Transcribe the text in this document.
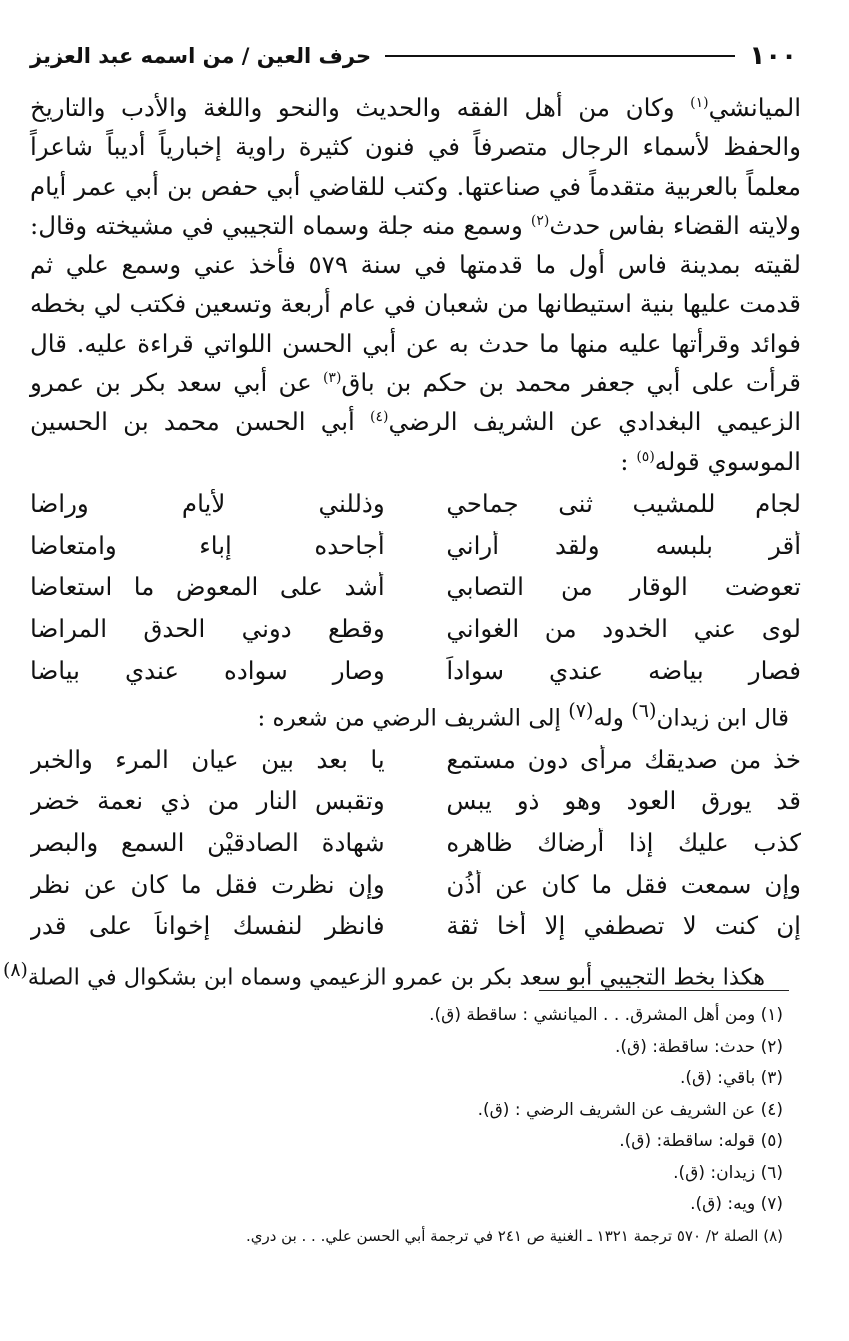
١٠٠
حرف العين / من اسمه عبد العزيز

الميانشي$^{(١)}$ وكان من أهل الفقه والحديث والنحو واللغة والأدب والتاريخ والحفظ لأسماء الرجال متصرفاً في فنون كثيرة راوية إخبارياً أديباً شاعراً معلماً بالعربية متقدماً في صناعتها. وكتب للقاضي أبي حفص بن أبي عمر أيام ولايته القضاء بفاس حدث$^{(٢)}$ وسمع منه جلة وسماه التجيبي في مشيخته وقال: لقيته بمدينة فاس أول ما قدمتها في سنة ٥٧٩ فأخذ عني وسمع علي ثم قدمت عليها بنية استيطانها من شعبان في عام أربعة وتسعين فكتب لي بخطه فوائد وقرأتها عليه منها ما حدث به عن أبي الحسن اللواتي قراءة عليه. قال قرأت على أبي جعفر محمد بن حكم بن باق$^{(٣)}$ عن أبي سعد بكر بن عمرو الزعيمي البغدادي عن الشريف الرضي$^{(٤)}$ أبي الحسن محمد بن الحسين الموسوي قوله$^{(٥)}$ :

لجام للمشيب ثنى جماحي
وذللني لأيام وراضا
أقر بلبسه ولقد أراني
أجاحده إباء وامتعاضا
تعوضت الوقار من التصابي
أشد على المعوض ما استعاضا
لوى عني الخدود من الغواني
وقطع دوني الحدق المراضا
فصار بياضه عندي سواداً
وصار سواده عندي بياضا
قال ابن زيدان$^{(٦)}$ وله$^{(٧)}$ إلى الشريف الرضي من شعره :
خذ من صديقك مرأى دون مستمع
يا بعد بين عيان المرء والخبر
قد يورق العود وهو ذو يبس
وتقبس النار من ذي نعمة خضر
كذب عليك إذا أرضاك ظاهره
شهادة الصادقيْن السمع والبصر
وإن سمعت فقل ما كان عن أذُن
وإن نظرت فقل ما كان عن نظر
إن كنت لا تصطفي إلا أخا ثقة
فانظر لنفسك إخواناً على قدر
هكذا بخط التجيبي أبو سعد بكر بن عمرو الزعيمي وسماه ابن بشكوال في الصلة$^{(٨)}$
(١) ومن أهل المشرق. . . الميانشي : ساقطة (ق).
(٢) حدث: ساقطة: (ق).
(٣) باقي: (ق).
(٤) عن الشريف عن الشريف الرضي : (ق).
(٥) قوله: ساقطة: (ق).
(٦) زيدان: (ق).
(٧) ويه: (ق).
(٨) الصلة ٢/ ٥٧٠ ترجمة ١٣٢١ ـ الغنية ص ٢٤١ في ترجمة أبي الحسن علي. . . بن دري.
